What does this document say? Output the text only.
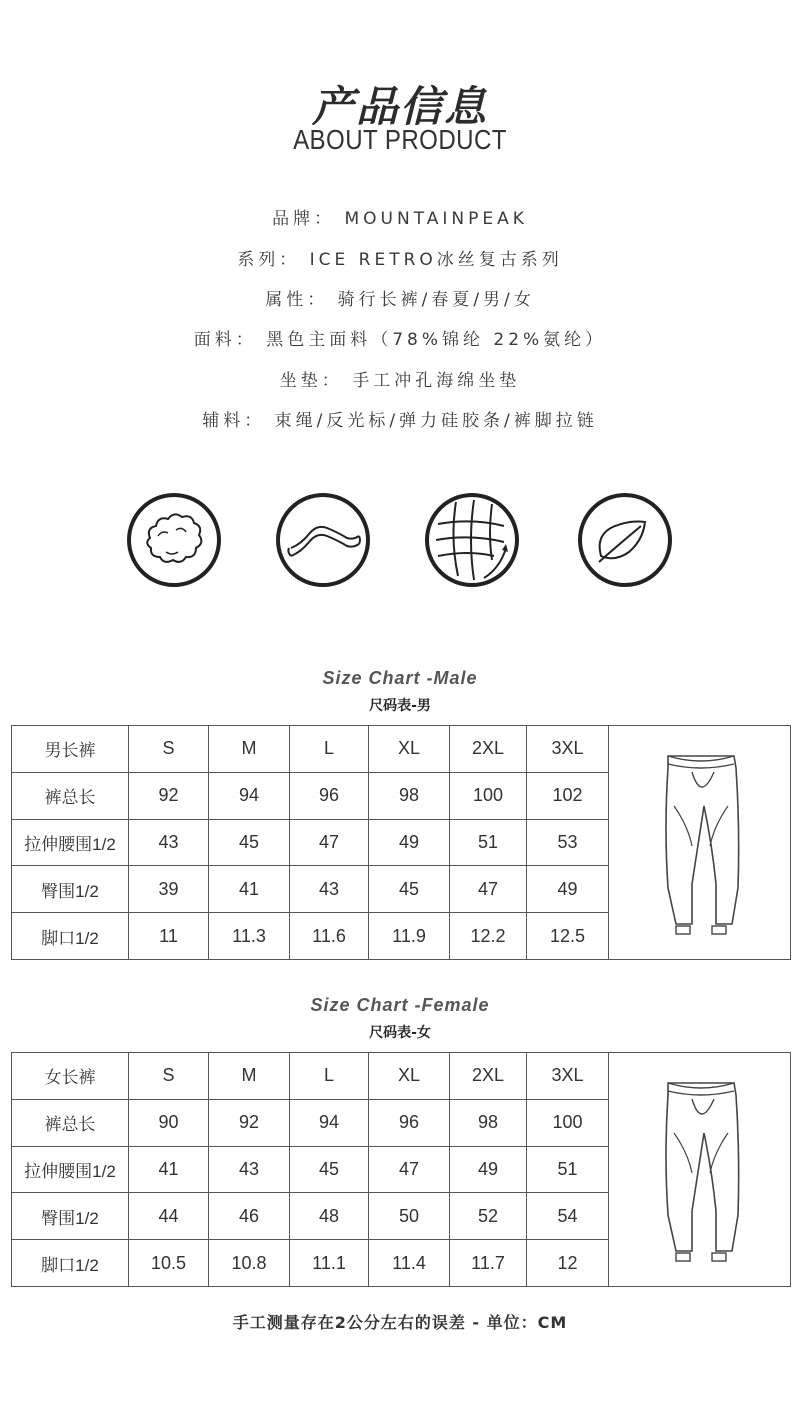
产品信息
ABOUT PRODUCT
品牌： MOUNTAINPEAK
系列： ICE RETRO冰丝复古系列
属性： 骑行长裤/春夏/男/女
面料： 黑色主面料（78%锦纶 22%氨纶）
坐垫： 手工冲孔海绵坐垫
辅料： 束绳/反光标/弹力硅胶条/裤脚拉链
Size Chart -Male
尺码表-男
男长裤	S	M	L	XL	2XL	3XL	
裤总长	92	94	96	98	100	102	
拉伸腰围1/2	43	45	47	49	51	53	
臀围1/2	39	41	43	45	47	49	
脚口1/2	11	11.3	11.6	11.9	12.2	12.5	
Size Chart -Female
尺码表-女
女长裤	S	M	L	XL	2XL	3XL	
裤总长	90	92	94	96	98	100	
拉伸腰围1/2	41	43	45	47	49	51	
臀围1/2	44	46	48	50	52	54	
脚口1/2	10.5	10.8	11.1	11.4	11.7	12	
手工测量存在2公分左右的误差 - 单位：CM
